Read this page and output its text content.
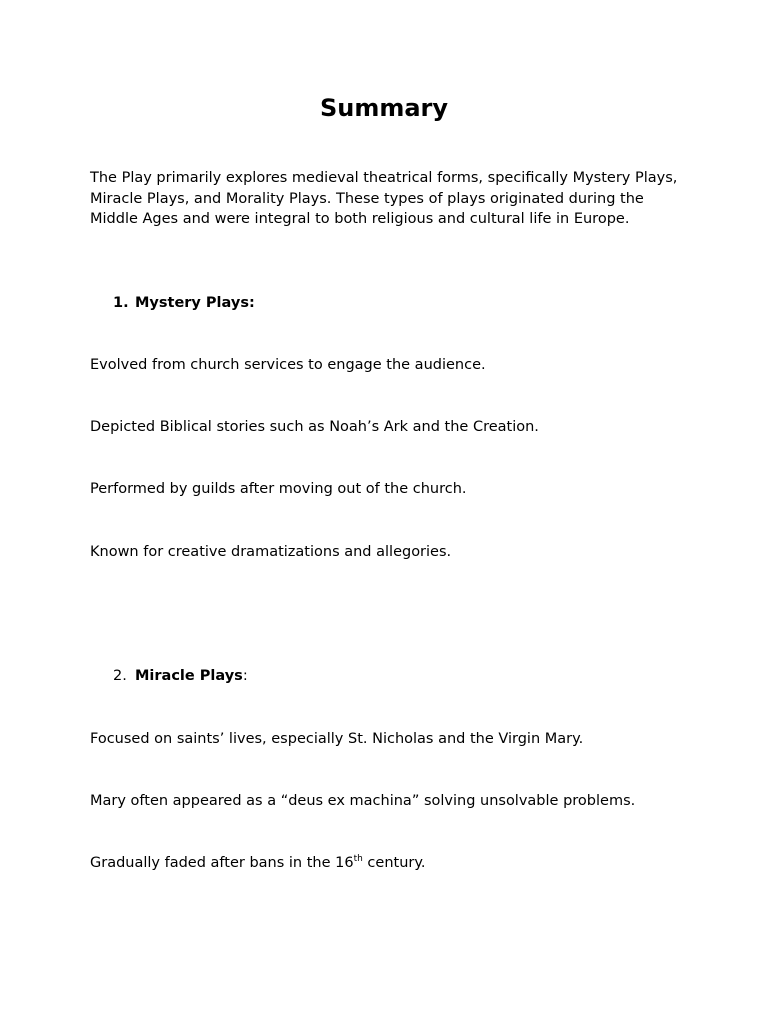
Summary

The Play primarily explores medieval theatrical forms, specifically Mystery Plays, Miracle Plays, and Morality Plays. These types of plays originated during the Middle Ages and were integral to both religious and cultural life in Europe.

1. Mystery Plays:

Evolved from church services to engage the audience.

Depicted Biblical stories such as Noah’s Ark and the Creation.

Performed by guilds after moving out of the church.

Known for creative dramatizations and allegories.

2. Miracle Plays:

Focused on saints’ lives, especially St. Nicholas and the Virgin Mary.

Mary often appeared as a “deus ex machina” solving unsolvable problems.

Gradually faded after bans in the 16th century.
